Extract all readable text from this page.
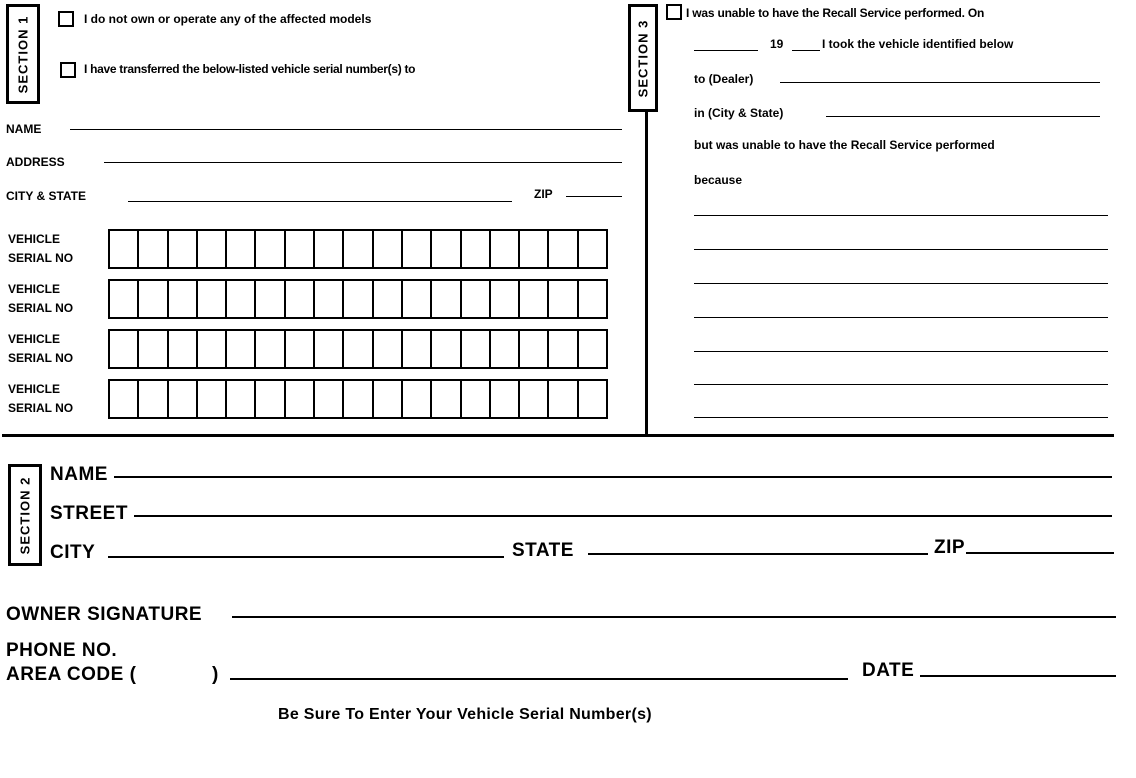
SECTION 1	I do not own or operate any of the affected models
I have transferred the below-listed vehicle serial number(s) to
NAME
ADDRESS
CITY & STATE	ZIP
VEHICLE
SERIAL NO
VEHICLE
SERIAL NO
VEHICLE
SERIAL NO
VEHICLE
SERIAL NO
SECTION 3
I was unable to have the Recall Service performed. On
19	I took the vehicle identified below
to (Dealer)
in (City & State)
but was unable to have the Recall Service performed
because
SECTION 2
NAME
STREET
CITY	STATE	ZIP
OWNER SIGNATURE
PHONE NO.
AREA CODE (	)	DATE
Be Sure To Enter Your Vehicle Serial Number(s)
